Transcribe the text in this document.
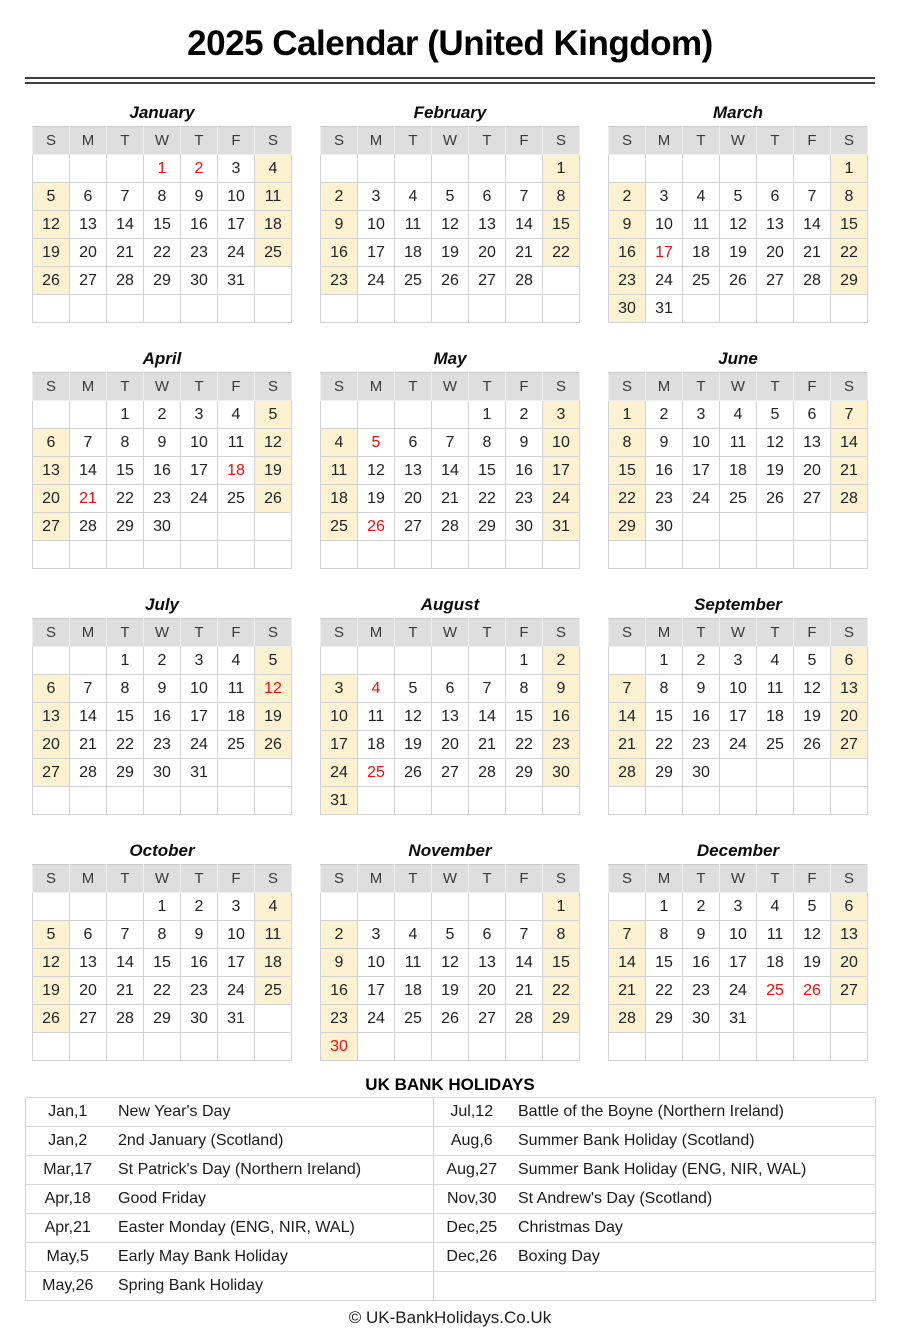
2025 Calendar (United Kingdom)
January
S	M	T	W	T	F	S
			1	2	3	4
5	6	7	8	9	10	11
12	13	14	15	16	17	18
19	20	21	22	23	24	25
26	27	28	29	30	31	

February
S	M	T	W	T	F	S
						1
2	3	4	5	6	7	8
9	10	11	12	13	14	15
16	17	18	19	20	21	22
23	24	25	26	27	28	

March
S	M	T	W	T	F	S
						1
2	3	4	5	6	7	8
9	10	11	12	13	14	15
16	17	18	19	20	21	22
23	24	25	26	27	28	29
30	31					
April
S	M	T	W	T	F	S
		1	2	3	4	5
6	7	8	9	10	11	12
13	14	15	16	17	18	19
20	21	22	23	24	25	26
27	28	29	30			

May
S	M	T	W	T	F	S
				1	2	3
4	5	6	7	8	9	10
11	12	13	14	15	16	17
18	19	20	21	22	23	24
25	26	27	28	29	30	31

June
S	M	T	W	T	F	S
1	2	3	4	5	6	7
8	9	10	11	12	13	14
15	16	17	18	19	20	21
22	23	24	25	26	27	28
29	30					

July
S	M	T	W	T	F	S
		1	2	3	4	5
6	7	8	9	10	11	12
13	14	15	16	17	18	19
20	21	22	23	24	25	26
27	28	29	30	31		

August
S	M	T	W	T	F	S
					1	2
3	4	5	6	7	8	9
10	11	12	13	14	15	16
17	18	19	20	21	22	23
24	25	26	27	28	29	30
31						
September
S	M	T	W	T	F	S
	1	2	3	4	5	6
7	8	9	10	11	12	13
14	15	16	17	18	19	20
21	22	23	24	25	26	27
28	29	30				

October
S	M	T	W	T	F	S
			1	2	3	4
5	6	7	8	9	10	11
12	13	14	15	16	17	18
19	20	21	22	23	24	25
26	27	28	29	30	31	

November
S	M	T	W	T	F	S
						1
2	3	4	5	6	7	8
9	10	11	12	13	14	15
16	17	18	19	20	21	22
23	24	25	26	27	28	29
30						
December
S	M	T	W	T	F	S
	1	2	3	4	5	6
7	8	9	10	11	12	13
14	15	16	17	18	19	20
21	22	23	24	25	26	27
28	29	30	31			

UK BANK HOLIDAYS
Jan,1	New Year's Day	Jul,12	Battle of the Boyne (Northern Ireland)
Jan,2	2nd January (Scotland)	Aug,6	Summer Bank Holiday (Scotland)
Mar,17	St Patrick's Day (Northern Ireland)	Aug,27	Summer Bank Holiday (ENG, NIR, WAL)
Apr,18	Good Friday	Nov,30	St Andrew's Day (Scotland)
Apr,21	Easter Monday (ENG, NIR, WAL)	Dec,25	Christmas Day
May,5	Early May Bank Holiday	Dec,26	Boxing Day
May,26	Spring Bank Holiday		
© UK-BankHolidays.Co.Uk
